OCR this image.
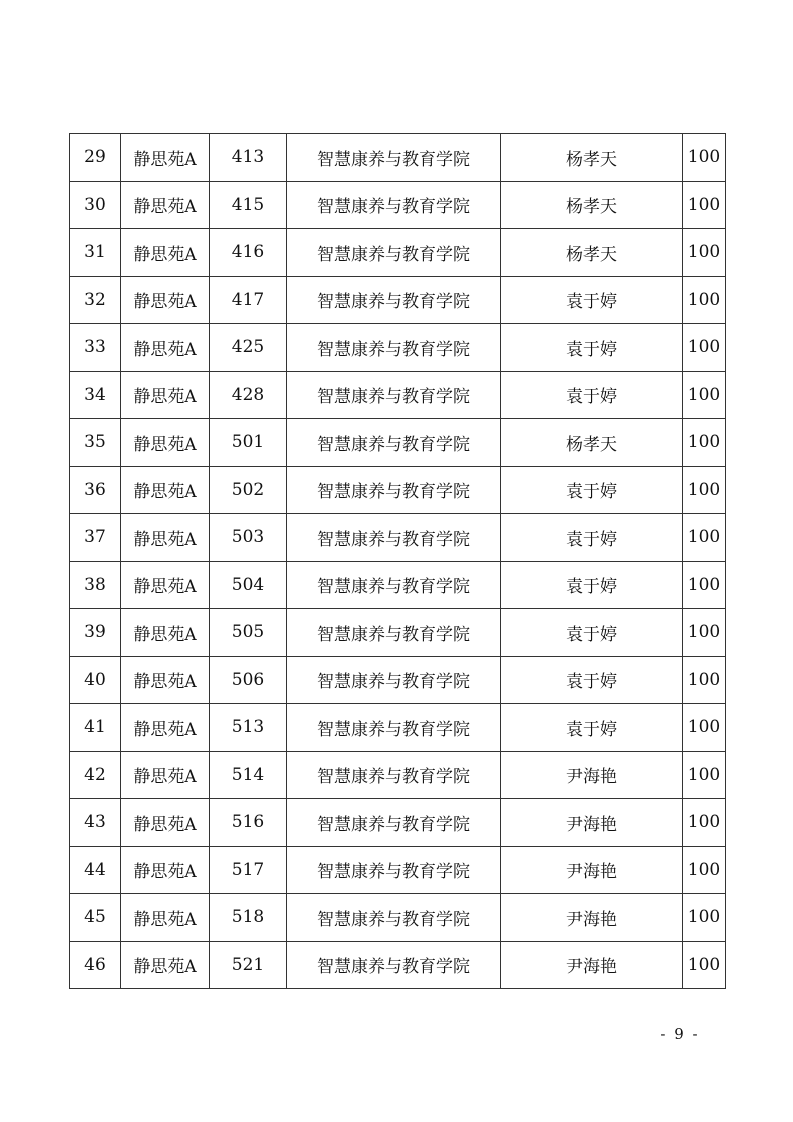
29	静思苑A	413	智慧康养与教育学院	杨孝天	100
30	静思苑A	415	智慧康养与教育学院	杨孝天	100
31	静思苑A	416	智慧康养与教育学院	杨孝天	100
32	静思苑A	417	智慧康养与教育学院	袁于婷	100
33	静思苑A	425	智慧康养与教育学院	袁于婷	100
34	静思苑A	428	智慧康养与教育学院	袁于婷	100
35	静思苑A	501	智慧康养与教育学院	杨孝天	100
36	静思苑A	502	智慧康养与教育学院	袁于婷	100
37	静思苑A	503	智慧康养与教育学院	袁于婷	100
38	静思苑A	504	智慧康养与教育学院	袁于婷	100
39	静思苑A	505	智慧康养与教育学院	袁于婷	100
40	静思苑A	506	智慧康养与教育学院	袁于婷	100
41	静思苑A	513	智慧康养与教育学院	袁于婷	100
42	静思苑A	514	智慧康养与教育学院	尹海艳	100
43	静思苑A	516	智慧康养与教育学院	尹海艳	100
44	静思苑A	517	智慧康养与教育学院	尹海艳	100
45	静思苑A	518	智慧康养与教育学院	尹海艳	100
46	静思苑A	521	智慧康养与教育学院	尹海艳	100
- 9 -
